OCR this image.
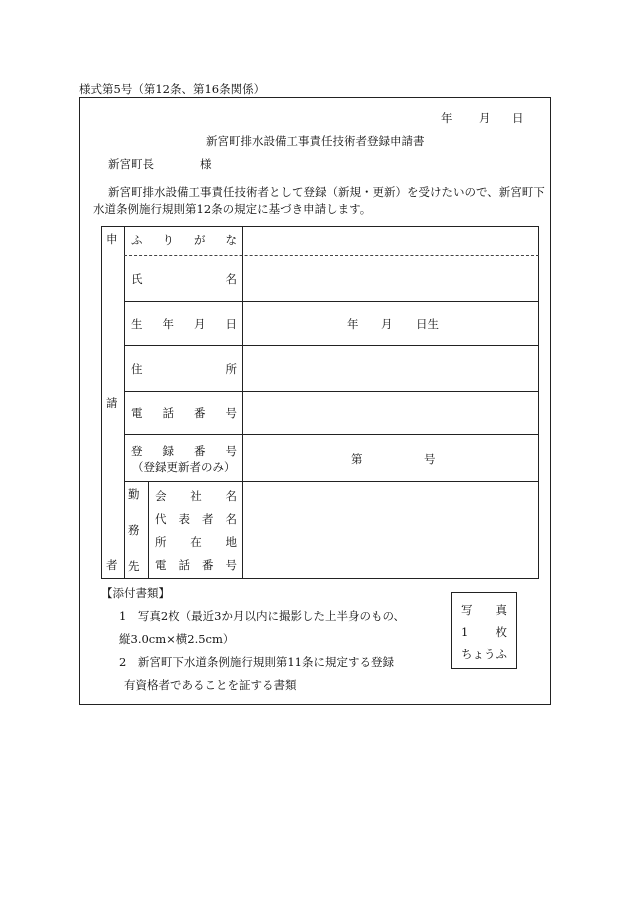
様式第5号（第12条、第16条関係）
年 月 日
新宮町排水設備工事責任技術者登録申請書
新宮町長	様
新宮町排水設備工事責任技術者として登録（新規・更新）を受けたいので、新宮町下
水道条例施行規則第12条の規定に基づき申請します。
申
請
者
ふ り が な
氏	名
生 年 月 日	年 月 日生
住	所
電 話 番 号
登 録 番 号
（登録更新者のみ）
第	号
勤
務
先
会 社 名
代 表 者 名
所 在 地
電 話 番 号
【添付書類】
1　写真2枚（最近3か月以内に撮影した上半身のもの、
縦3.0cm×横2.5cm）
2　新宮町下水道条例施行規則第11条に規定する登録
有資格者であることを証する書類
写 真
1 枚
ちょうふ
